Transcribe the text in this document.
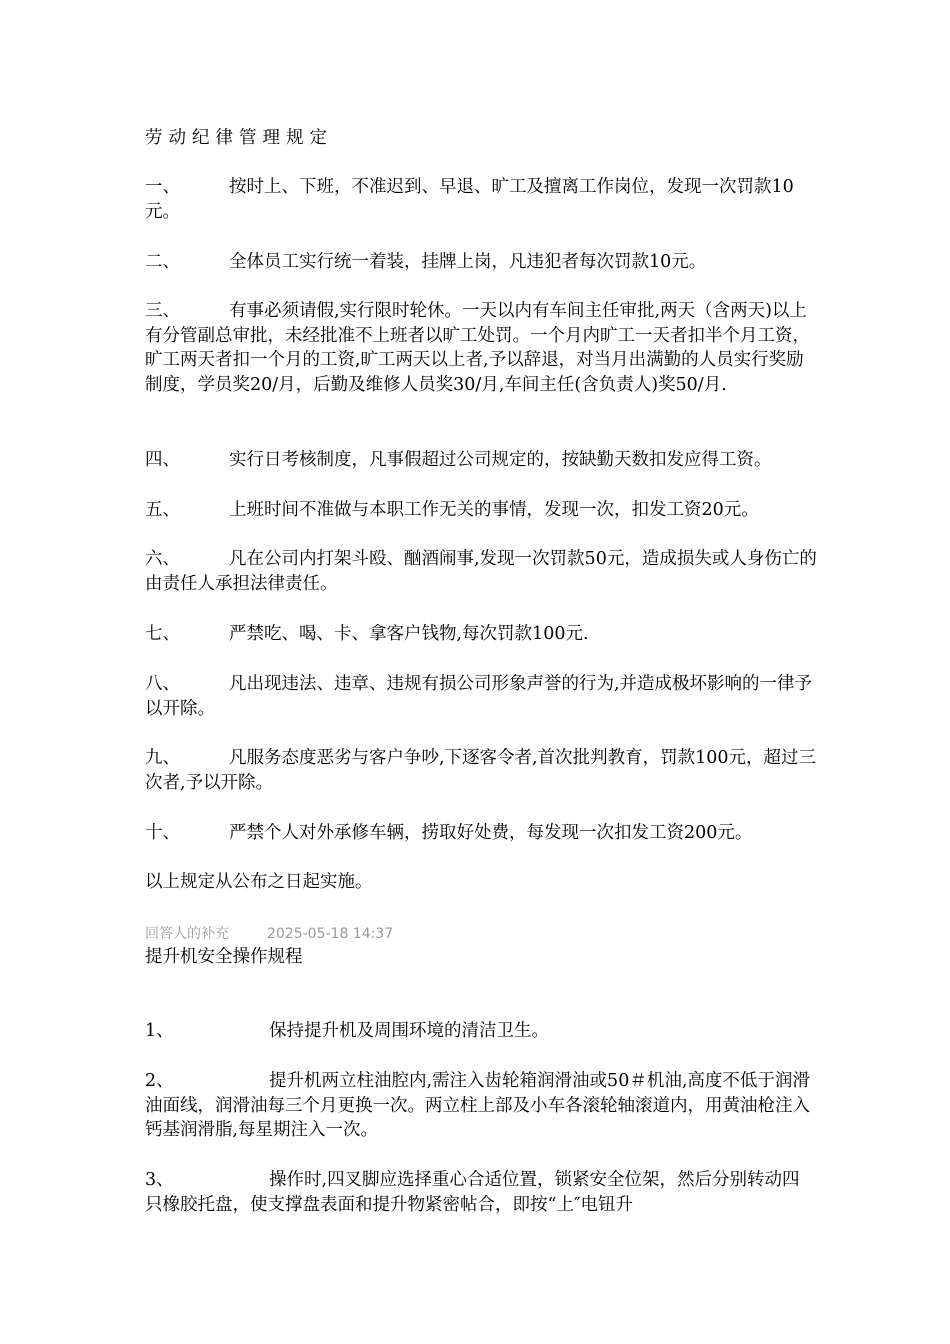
劳动纪律管理规定
一、	按时上、下班，不准迟到、早退、旷工及擅离工作岗位，发现一次罚款10元。
二、	全体员工实行统一着装，挂牌上岗，凡违犯者每次罚款10元。
三、	有事必须请假,实行限时轮休。一天以内有车间主任审批,两天（含两天)以上有分管副总审批，未经批准不上班者以旷工处罚。一个月内旷工一天者扣半个月工资，旷工两天者扣一个月的工资,旷工两天以上者,予以辞退，对当月出满勤的人员实行奖励制度，学员奖20/月，后勤及维修人员奖30/月,车间主任(含负责人)奖50/月.
四、	实行日考核制度，凡事假超过公司规定的，按缺勤天数扣发应得工资。
五、	上班时间不准做与本职工作无关的事情，发现一次，扣发工资20元。
六、	凡在公司内打架斗殴、酗酒闹事,发现一次罚款50元，造成损失或人身伤亡的由责任人承担法律责任。
七、	严禁吃、喝、卡、拿客户钱物,每次罚款100元.
八、	凡出现违法、违章、违规有损公司形象声誉的行为,并造成极坏影响的一律予以开除。
九、	凡服务态度恶劣与客户争吵,下逐客令者,首次批判教育，罚款100元，超过三次者,予以开除。
十、	严禁个人对外承修车辆，捞取好处费，每发现一次扣发工资200元。
以上规定从公布之日起实施。
回答人的补充	2025-05-18 14:37
提升机安全操作规程
1、	保持提升机及周围环境的清洁卫生。
2、	提升机两立柱油腔内,需注入齿轮箱润滑油或50＃机油,高度不低于润滑油面线，润滑油每三个月更换一次。两立柱上部及小车各滚轮轴滚道内，用黄油枪注入钙基润滑脂,每星期注入一次。
3、	操作时,四叉脚应选择重心合适位置，锁紧安全位架，然后分别转动四只橡胶托盘，使支撑盘表面和提升物紧密帖合，即按“上″电钮升
